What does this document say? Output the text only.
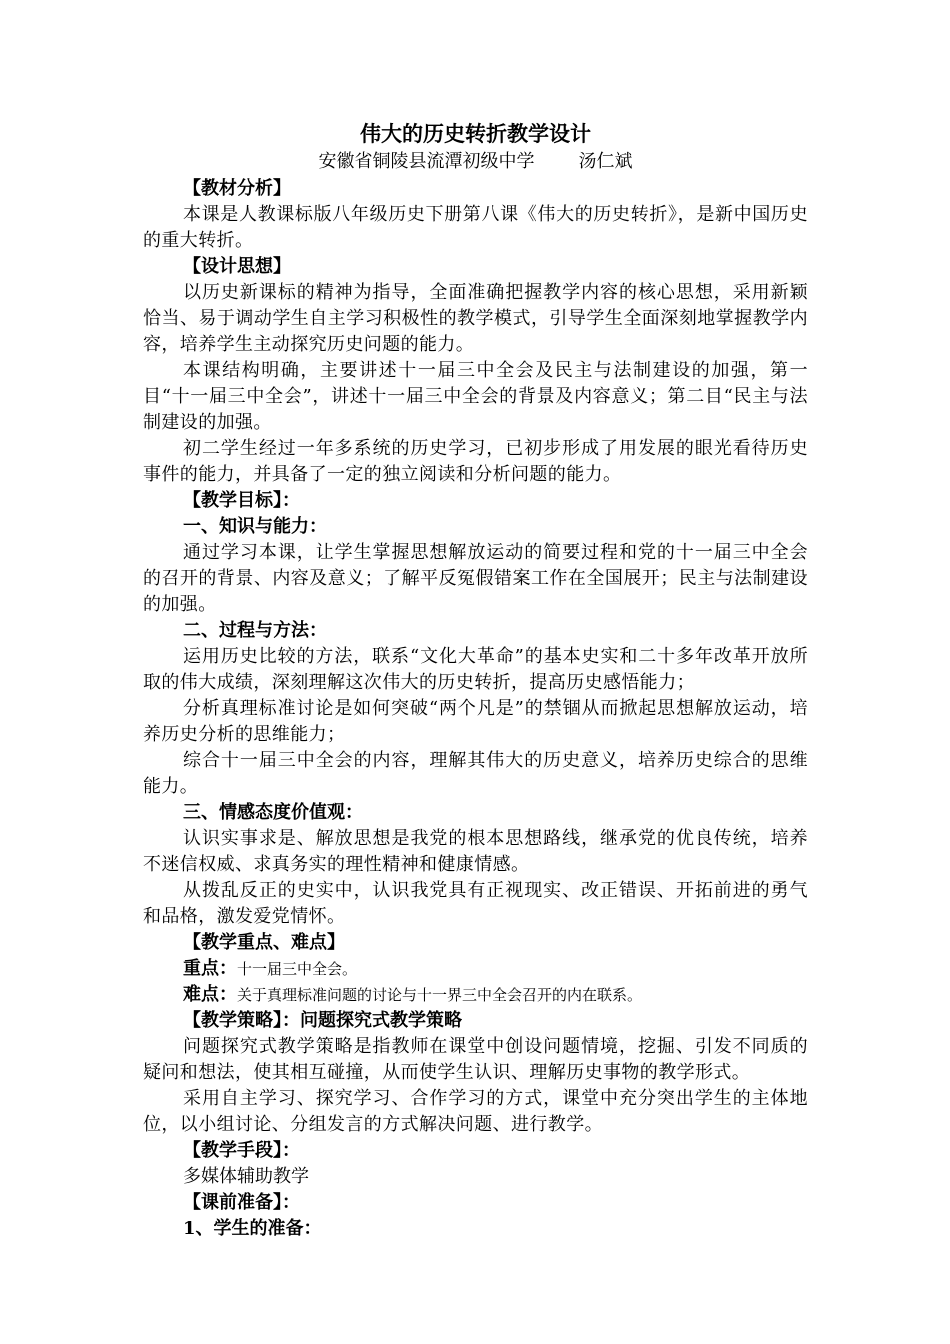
伟大的历史转折教学设计
安徽省铜陵县流潭初级中学 汤仁斌
【教材分析】
本课是人教课标版八年级历史下册第八课《伟大的历史转折》，是新中国历史的重大转折。
【设计思想】
以历史新课标的精神为指导，全面准确把握教学内容的核心思想，采用新颖恰当、易于调动学生自主学习积极性的教学模式，引导学生全面深刻地掌握教学内容，培养学生主动探究历史问题的能力。
本课结构明确，主要讲述十一届三中全会及民主与法制建设的加强，第一目“十一届三中全会”，讲述十一届三中全会的背景及内容意义；第二目“民主与法制建设的加强。
初二学生经过一年多系统的历史学习，已初步形成了用发展的眼光看待历史事件的能力，并具备了一定的独立阅读和分析问题的能力。
【教学目标】：
一、知识与能力：
通过学习本课，让学生掌握思想解放运动的简要过程和党的十一届三中全会的召开的背景、内容及意义；了解平反冤假错案工作在全国展开；民主与法制建设的加强。
二、过程与方法：
运用历史比较的方法，联系“文化大革命”的基本史实和二十多年改革开放所取的伟大成绩，深刻理解这次伟大的历史转折，提高历史感悟能力；
分析真理标准讨论是如何突破“两个凡是”的禁锢从而掀起思想解放运动，培养历史分析的思维能力；
综合十一届三中全会的内容，理解其伟大的历史意义，培养历史综合的思维能力。
三、情感态度价值观：
认识实事求是、解放思想是我党的根本思想路线，继承党的优良传统，培养不迷信权威、求真务实的理性精神和健康情感。
从拨乱反正的史实中，认识我党具有正视现实、改正错误、开拓前进的勇气和品格，激发爱党情怀。
【教学重点、难点】
重点：十一届三中全会。
难点：关于真理标准问题的讨论与十一界三中全会召开的内在联系。
【教学策略】：问题探究式教学策略
问题探究式教学策略是指教师在课堂中创设问题情境，挖掘、引发不同质的疑问和想法，使其相互碰撞，从而使学生认识、理解历史事物的教学形式。
采用自主学习、探究学习、合作学习的方式，课堂中充分突出学生的主体地位，以小组讨论、分组发言的方式解决问题、进行教学。
【教学手段】：
多媒体辅助教学
【课前准备】：
1、学生的准备：
